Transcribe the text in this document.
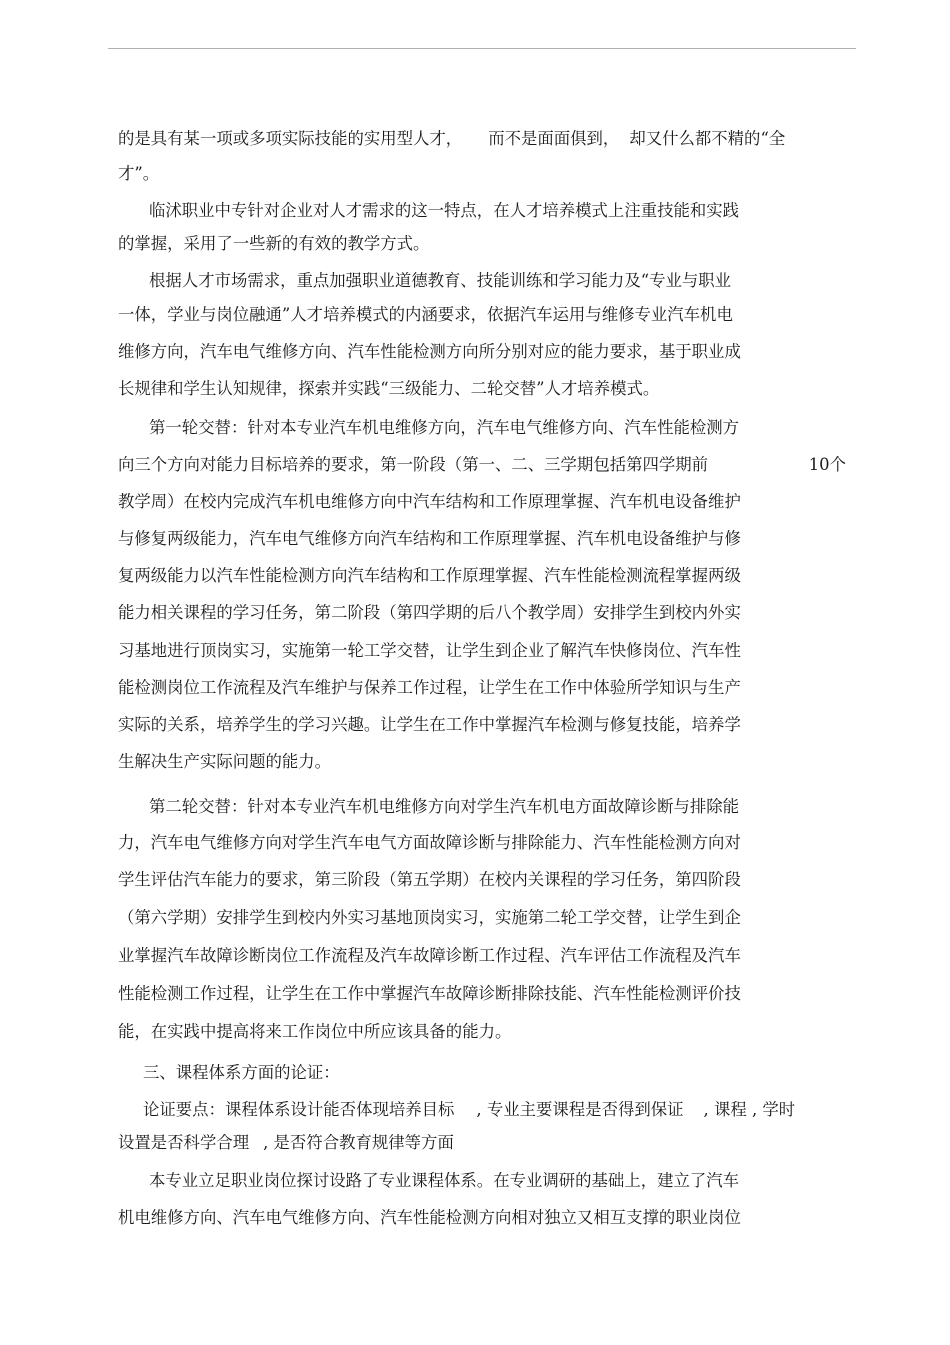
的是具有某一项或多项实际技能的实用型人才， 而不是面面俱到， 却又什么都不精的“全
才”。
临沭职业中专针对企业对人才需求的这一特点，在人才培养模式上注重技能和实践
的掌握，采用了一些新的有效的教学方式。
根据人才市场需求，重点加强职业道德教育、技能训练和学习能力及“专业与职业
一体，学业与岗位融通”人才培养模式的内涵要求，依据汽车运用与维修专业汽车机电
维修方向，汽车电气维修方向、汽车性能检测方向所分别对应的能力要求，基于职业成
长规律和学生认知规律，探索并实践“三级能力、二轮交替”人才培养模式。
第一轮交替：针对本专业汽车机电维修方向，汽车电气维修方向、汽车性能检测方
向三个方向对能力目标培养的要求，第一阶段（第一、二、三学期包括第四学期前	10个
教学周）在校内完成汽车机电维修方向中汽车结构和工作原理掌握、汽车机电设备维护
与修复两级能力，汽车电气维修方向汽车结构和工作原理掌握、汽车机电设备维护与修
复两级能力以汽车性能检测方向汽车结构和工作原理掌握、汽车性能检测流程掌握两级
能力相关课程的学习任务，第二阶段（第四学期的后八个教学周）安排学生到校内外实
习基地进行顶岗实习，实施第一轮工学交替，让学生到企业了解汽车快修岗位、汽车性
能检测岗位工作流程及汽车维护与保养工作过程，让学生在工作中体验所学知识与生产
实际的关系，培养学生的学习兴趣。让学生在工作中掌握汽车检测与修复技能，培养学
生解决生产实际问题的能力。
第二轮交替：针对本专业汽车机电维修方向对学生汽车机电方面故障诊断与排除能
力，汽车电气维修方向对学生汽车电气方面故障诊断与排除能力、汽车性能检测方向对
学生评估汽车能力的要求，第三阶段（第五学期）在校内关课程的学习任务，第四阶段
（第六学期）安排学生到校内外实习基地顶岗实习，实施第二轮工学交替，让学生到企
业掌握汽车故障诊断岗位工作流程及汽车故障诊断工作过程、汽车评估工作流程及汽车
性能检测工作过程，让学生在工作中掌握汽车故障诊断排除技能、汽车性能检测评价技
能，在实践中提高将来工作岗位中所应该具备的能力。
三、课程体系方面的论证：
论证要点：课程体系设计能否体现培养目标 , 专业主要课程是否得到保证 , 课程 , 学时
设置是否科学合理 , 是否符合教育规律等方面
本专业立足职业岗位探讨设路了专业课程体系。在专业调研的基础上，建立了汽车
机电维修方向、汽车电气维修方向、汽车性能检测方向相对独立又相互支撑的职业岗位
